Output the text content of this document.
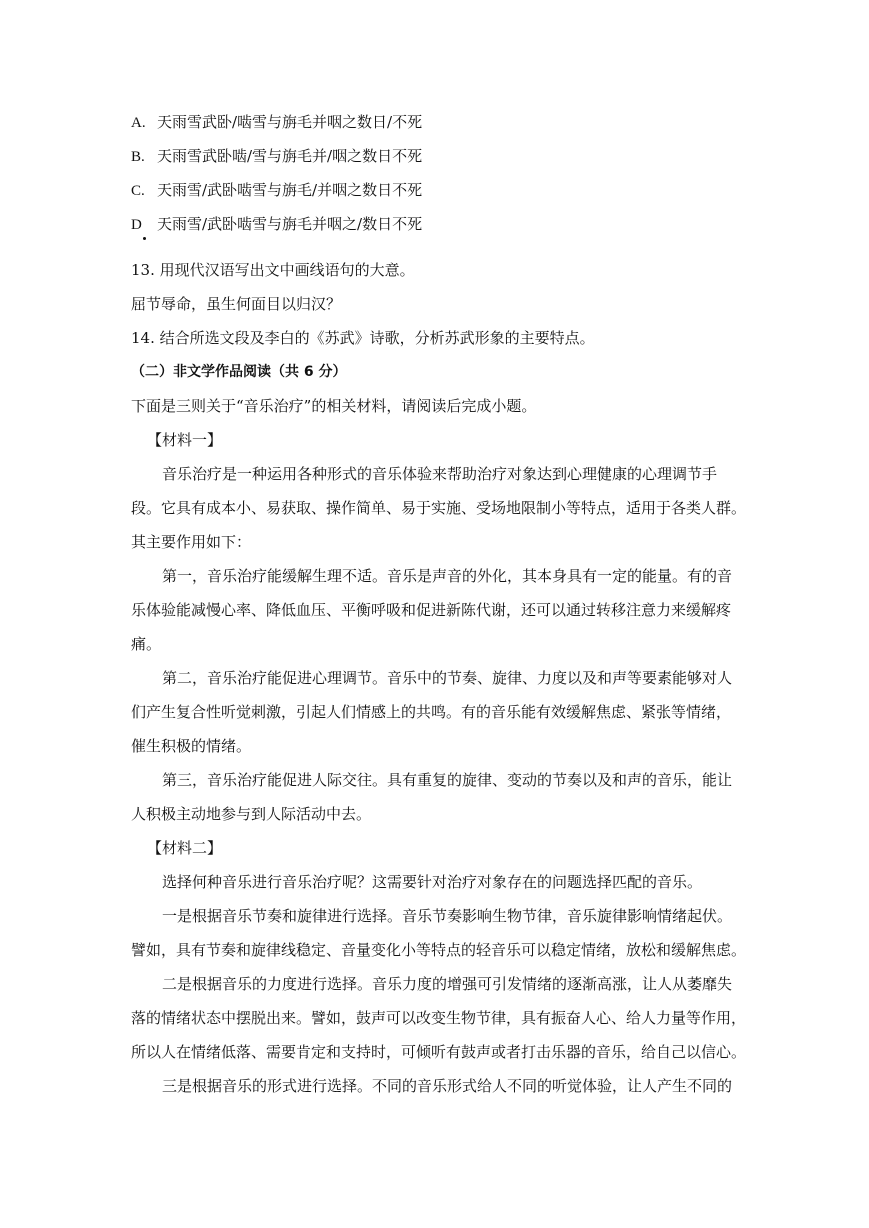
A. 天雨雪武卧/啮雪与旃毛并咽之数日/不死
B. 天雨雪武卧啮/雪与旃毛并/咽之数日不死
C. 天雨雪/武卧啮雪与旃毛/并咽之数日不死
D 天雨雪/武卧啮雪与旃毛并咽之/数日不死
13. 用现代汉语写出文中画线语句的大意。
屈节辱命，虽生何面目以归汉？
14. 结合所选文段及李白的《苏武》诗歌，分析苏武形象的主要特点。
（二）非文学作品阅读（共 6 分）
下面是三则关于“音乐治疗”的相关材料，请阅读后完成小题。
【材料一】
音乐治疗是一种运用各种形式的音乐体验来帮助治疗对象达到心理健康的心理调节手
段。它具有成本小、易获取、操作简单、易于实施、受场地限制小等特点，适用于各类人群。
其主要作用如下：
第一，音乐治疗能缓解生理不适。音乐是声音的外化，其本身具有一定的能量。有的音
乐体验能减慢心率、降低血压、平衡呼吸和促进新陈代谢，还可以通过转移注意力来缓解疼
痛。
第二，音乐治疗能促进心理调节。音乐中的节奏、旋律、力度以及和声等要素能够对人
们产生复合性听觉刺激，引起人们情感上的共鸣。有的音乐能有效缓解焦虑、紧张等情绪，
催生积极的情绪。
第三，音乐治疗能促进人际交往。具有重复的旋律、变动的节奏以及和声的音乐，能让
人积极主动地参与到人际活动中去。
【材料二】
选择何种音乐进行音乐治疗呢？这需要针对治疗对象存在的问题选择匹配的音乐。
一是根据音乐节奏和旋律进行选择。音乐节奏影响生物节律，音乐旋律影响情绪起伏。
譬如，具有节奏和旋律线稳定、音量变化小等特点的轻音乐可以稳定情绪，放松和缓解焦虑。
二是根据音乐的力度进行选择。音乐力度的增强可引发情绪的逐渐高涨，让人从萎靡失
落的情绪状态中摆脱出来。譬如，鼓声可以改变生物节律，具有振奋人心、给人力量等作用，
所以人在情绪低落、需要肯定和支持时，可倾听有鼓声或者打击乐器的音乐，给自己以信心。
三是根据音乐的形式进行选择。不同的音乐形式给人不同的听觉体验，让人产生不同的
